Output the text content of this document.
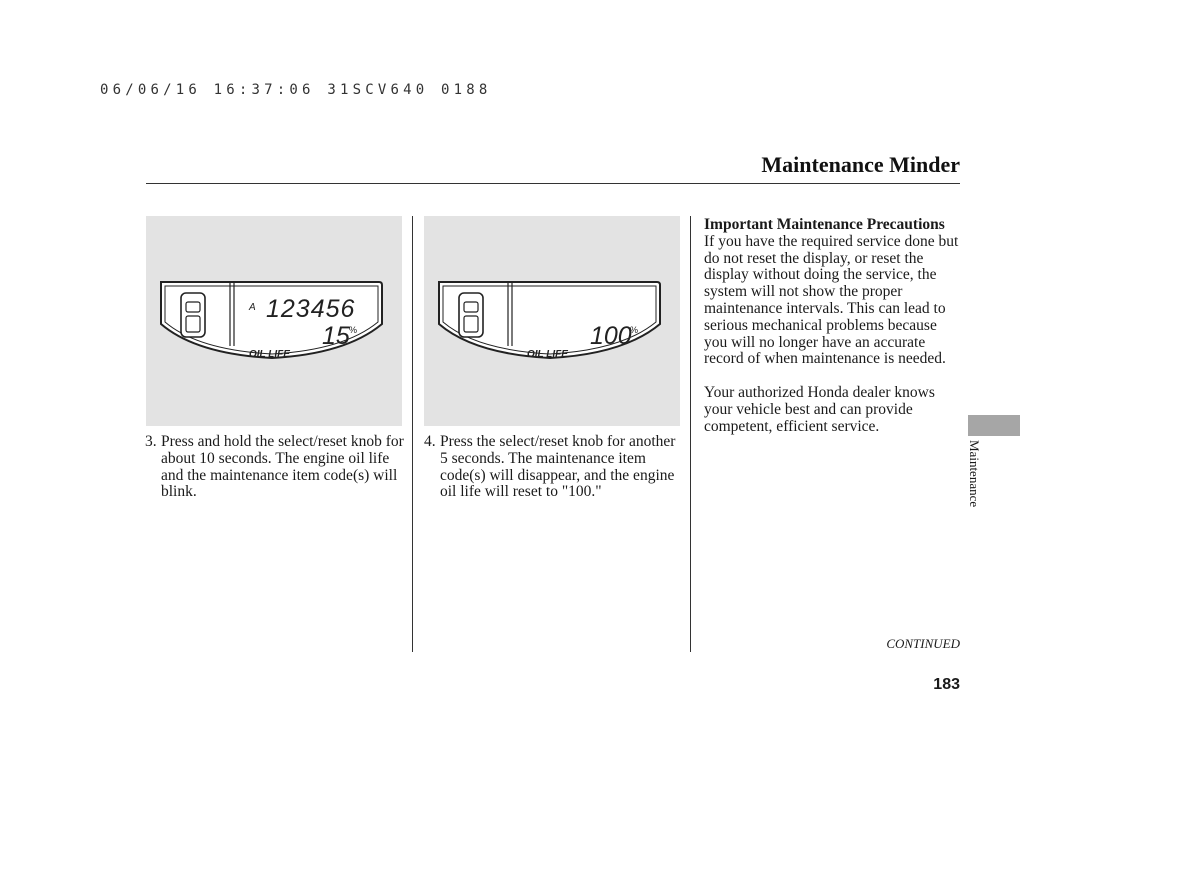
06/06/16 16:37:06 31SCV640 0188
Maintenance Minder
A 123456
15 %
OIL LIFE
100
%
OIL LIFE
3. Press and hold the select/reset knob for about 10 seconds. The engine oil life and the maintenance item code(s) will blink.
4. Press the select/reset knob for another 5 seconds. The maintenance item code(s) will disappear, and the engine oil life will reset to "100."
Important Maintenance Precautions

If you have the required service done but do not reset the display, or reset the display without doing the service, the system will not show the proper maintenance intervals. This can lead to serious mechanical problems because you will no longer have an accurate record of when maintenance is needed.

Your authorized Honda dealer knows your vehicle best and can provide competent, efficient service.

Maintenance
CONTINUED
183
